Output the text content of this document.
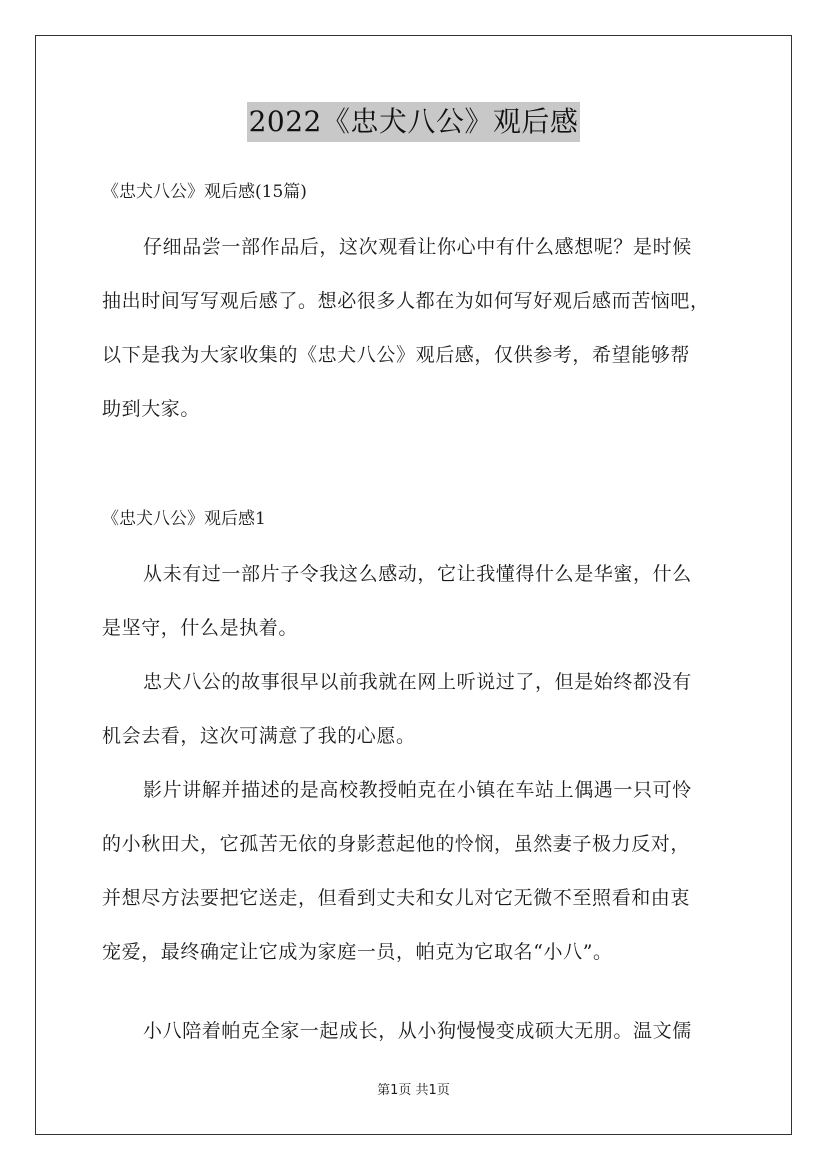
2022《忠犬八公》观后感
《忠犬八公》观后感(15篇)
仔细品尝一部作品后，这次观看让你心中有什么感想呢？是时候
抽出时间写写观后感了。想必很多人都在为如何写好观后感而苦恼吧，
以下是我为大家收集的《忠犬八公》观后感，仅供参考，希望能够帮
助到大家。
《忠犬八公》观后感1
从未有过一部片子令我这么感动，它让我懂得什么是华蜜，什么
是坚守，什么是执着。
忠犬八公的故事很早以前我就在网上听说过了，但是始终都没有
机会去看，这次可满意了我的心愿。
影片讲解并描述的是高校教授帕克在小镇在车站上偶遇一只可怜
的小秋田犬，它孤苦无依的身影惹起他的怜悯，虽然妻子极力反对，
并想尽方法要把它送走，但看到丈夫和女儿对它无微不至照看和由衷
宠爱，最终确定让它成为家庭一员，帕克为它取名“小八”。
小八陪着帕克全家一起成长，从小狗慢慢变成硕大无朋。温文儒
第1页 共1页
